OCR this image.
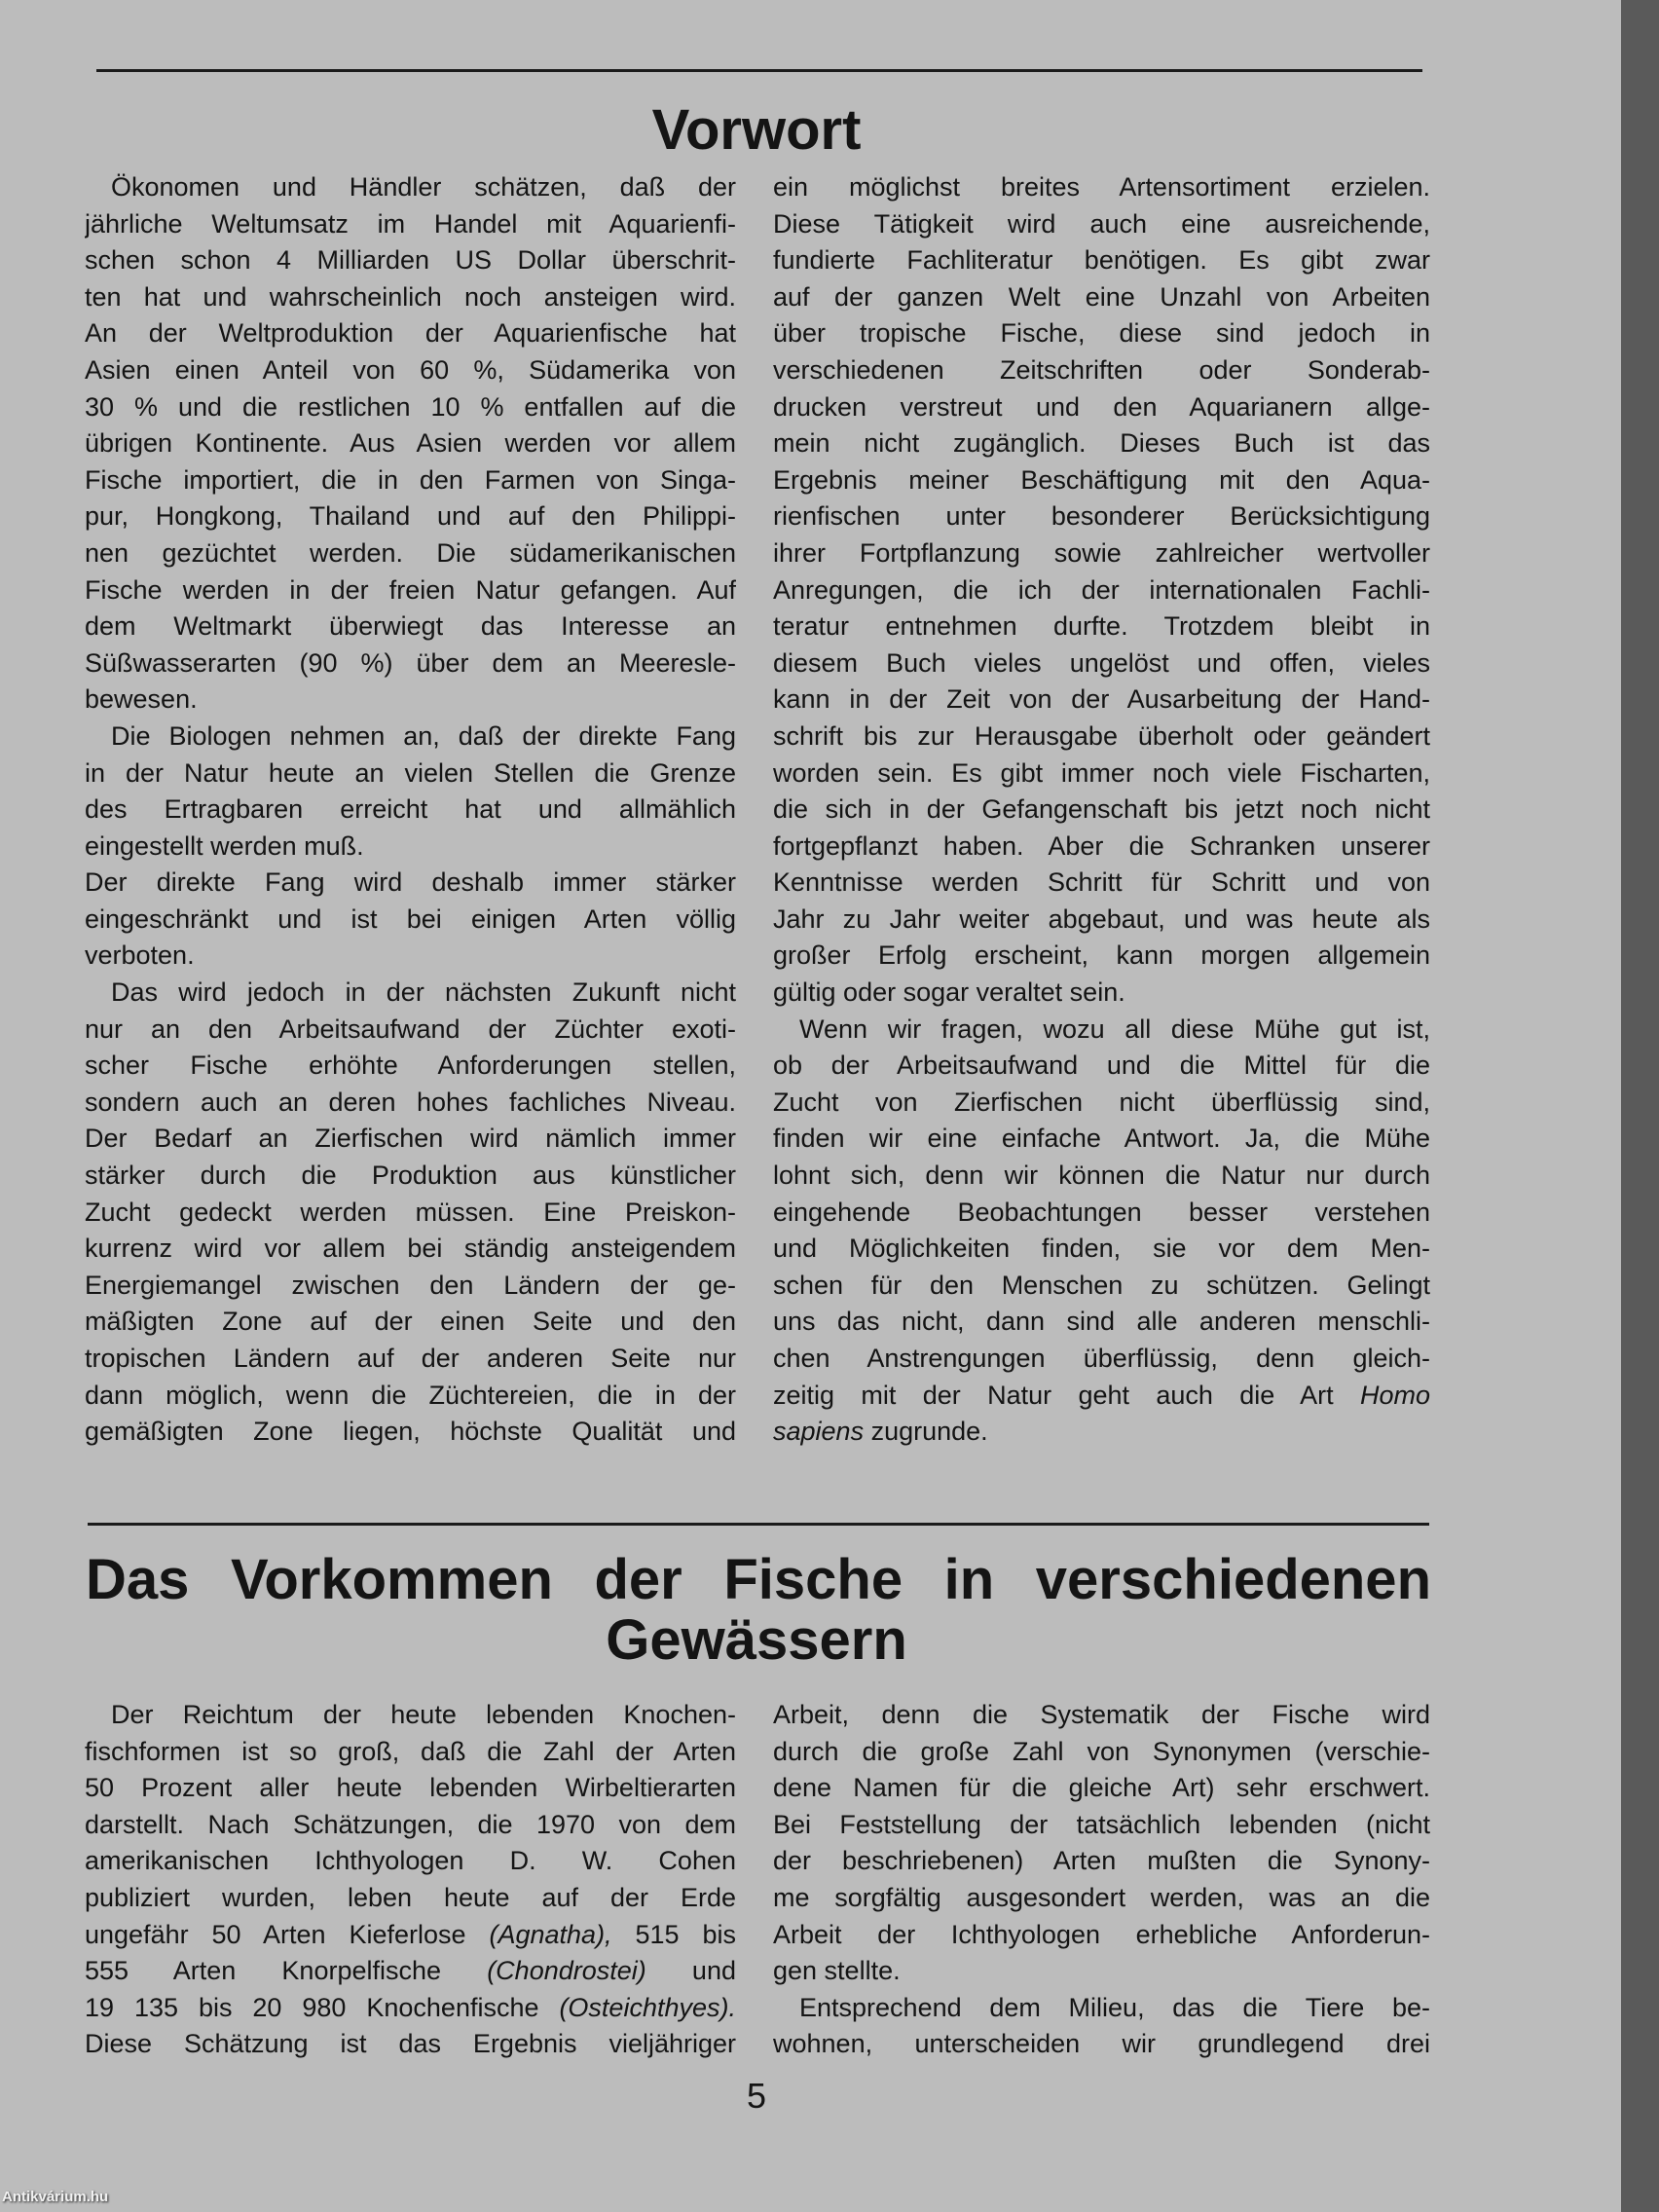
Vorwort
Ökonomen und Händler schätzen, daß der
jährliche Weltumsatz im Handel mit Aquarienfi-
schen schon 4 Milliarden US Dollar überschrit-
ten hat und wahrscheinlich noch ansteigen wird.
An der Weltproduktion der Aquarienfische hat
Asien einen Anteil von 60 %, Südamerika von
30 % und die restlichen 10 % entfallen auf die
übrigen Kontinente. Aus Asien werden vor allem
Fische importiert, die in den Farmen von Singa-
pur, Hongkong, Thailand und auf den Philippi-
nen gezüchtet werden. Die südamerikanischen
Fische werden in der freien Natur gefangen. Auf
dem Weltmarkt überwiegt das Interesse an
Süßwasserarten (90 %) über dem an Meeresle-
bewesen.
Die Biologen nehmen an, daß der direkte Fang
in der Natur heute an vielen Stellen die Grenze
des Ertragbaren erreicht hat und allmählich
eingestellt werden muß.
Der direkte Fang wird deshalb immer stärker
eingeschränkt und ist bei einigen Arten völlig
verboten.
Das wird jedoch in der nächsten Zukunft nicht
nur an den Arbeitsaufwand der Züchter exoti-
scher Fische erhöhte Anforderungen stellen,
sondern auch an deren hohes fachliches Niveau.
Der Bedarf an Zierfischen wird nämlich immer
stärker durch die Produktion aus künstlicher
Zucht gedeckt werden müssen. Eine Preiskon-
kurrenz wird vor allem bei ständig ansteigendem
Energiemangel zwischen den Ländern der ge-
mäßigten Zone auf der einen Seite und den
tropischen Ländern auf der anderen Seite nur
dann möglich, wenn die Züchtereien, die in der
gemäßigten Zone liegen, höchste Qualität und
ein möglichst breites Artensortiment erzielen.
Diese Tätigkeit wird auch eine ausreichende,
fundierte Fachliteratur benötigen. Es gibt zwar
auf der ganzen Welt eine Unzahl von Arbeiten
über tropische Fische, diese sind jedoch in
verschiedenen Zeitschriften oder Sonderab-
drucken verstreut und den Aquarianern allge-
mein nicht zugänglich. Dieses Buch ist das
Ergebnis meiner Beschäftigung mit den Aqua-
rienfischen unter besonderer Berücksichtigung
ihrer Fortpflanzung sowie zahlreicher wertvoller
Anregungen, die ich der internationalen Fachli-
teratur entnehmen durfte. Trotzdem bleibt in
diesem Buch vieles ungelöst und offen, vieles
kann in der Zeit von der Ausarbeitung der Hand-
schrift bis zur Herausgabe überholt oder geändert
worden sein. Es gibt immer noch viele Fischarten,
die sich in der Gefangenschaft bis jetzt noch nicht
fortgepflanzt haben. Aber die Schranken unserer
Kenntnisse werden Schritt für Schritt und von
Jahr zu Jahr weiter abgebaut, und was heute als
großer Erfolg erscheint, kann morgen allgemein
gültig oder sogar veraltet sein.
Wenn wir fragen, wozu all diese Mühe gut ist,
ob der Arbeitsaufwand und die Mittel für die
Zucht von Zierfischen nicht überflüssig sind,
finden wir eine einfache Antwort. Ja, die Mühe
lohnt sich, denn wir können die Natur nur durch
eingehende Beobachtungen besser verstehen
und Möglichkeiten finden, sie vor dem Men-
schen für den Menschen zu schützen. Gelingt
uns das nicht, dann sind alle anderen menschli-
chen Anstrengungen überflüssig, denn gleich-
zeitig mit der Natur geht auch die Art Homo
sapiens zugrunde.
Das Vorkommen der Fische in verschiedenen
Gewässern
Der Reichtum der heute lebenden Knochen-
fischformen ist so groß, daß die Zahl der Arten
50 Prozent aller heute lebenden Wirbeltierarten
darstellt. Nach Schätzungen, die 1970 von dem
amerikanischen Ichthyologen D. W. Cohen
publiziert wurden, leben heute auf der Erde
ungefähr 50 Arten Kieferlose (Agnatha), 515 bis
555 Arten Knorpelfische (Chondrostei) und
19 135 bis 20 980 Knochenfische (Osteichthyes).
Diese Schätzung ist das Ergebnis vieljähriger
Arbeit, denn die Systematik der Fische wird
durch die große Zahl von Synonymen (verschie-
dene Namen für die gleiche Art) sehr erschwert.
Bei Feststellung der tatsächlich lebenden (nicht
der beschriebenen) Arten mußten die Synony-
me sorgfältig ausgesondert werden, was an die
Arbeit der Ichthyologen erhebliche Anforderun-
gen stellte.
Entsprechend dem Milieu, das die Tiere be-
wohnen, unterscheiden wir grundlegend drei
5
Antikvárium.hu
